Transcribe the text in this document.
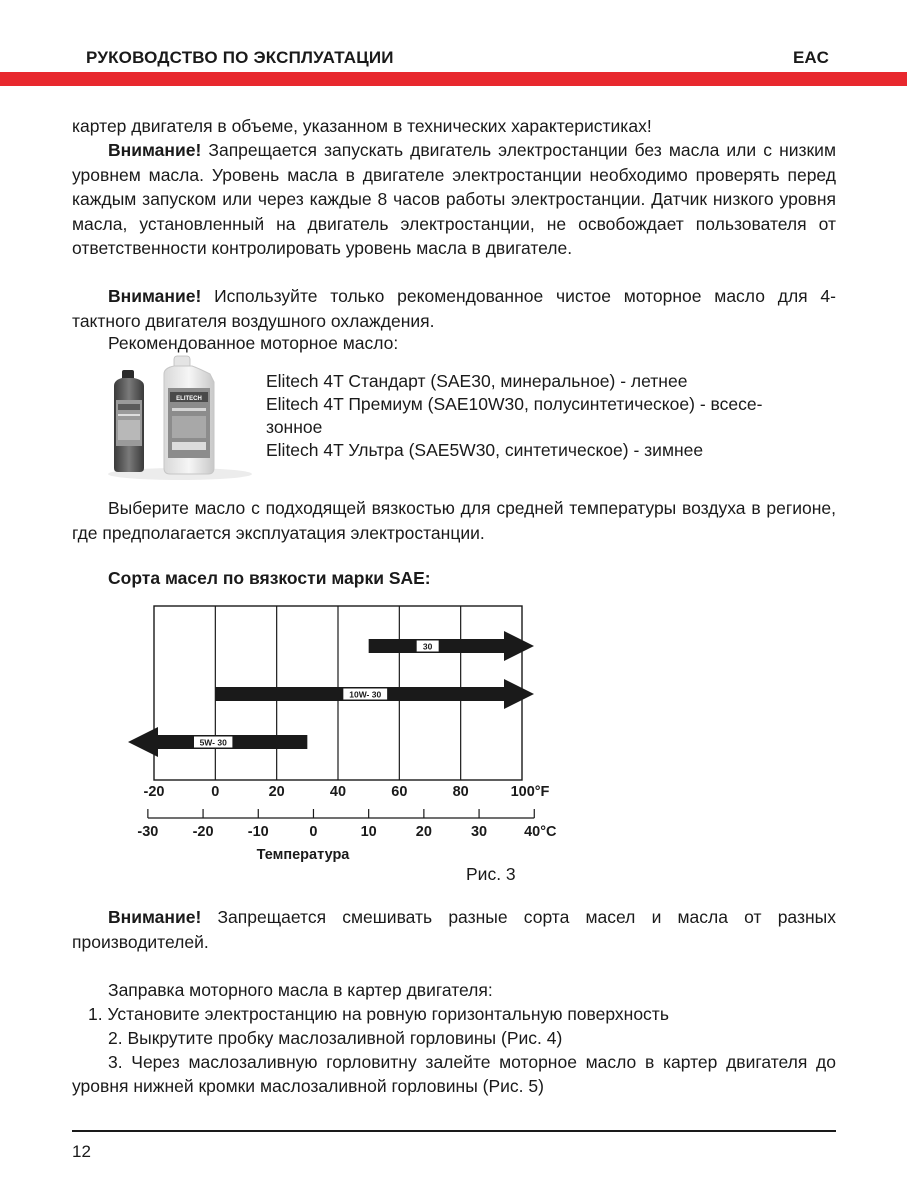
РУКОВОДСТВО ПО ЭКСПЛУАТАЦИИ	EAC

картер двигателя в объеме, указанном в технических характеристиках!

Внимание! Запрещается запускать двигатель электростанции без масла или с низким уровнем масла. Уровень масла в двигателе электростанции необходимо проверять перед каждым запуском или через каждые 8 часов работы электростанции. Датчик низкого уровня масла, установленный на двигатель электростанции, не освобождает пользователя от ответственности контролировать уровень масла в двигателе.

Внимание! Используйте только рекомендованное чистое моторное масло для 4-тактного двигателя воздушного охлаждения.

Рекомендованное моторное масло:

ELITECH
Elitech 4T Стандарт (SAE30, минеральное) - летнее
Elitech 4T Премиум (SAE10W30, полусинтетическое) - всесе-
зонное
Elitech 4T Ультра (SAE5W30, синтетическое) - зимнее

Выберите масло с подходящей вязкостью для средней температуры воздуха в регионе, где предполагается эксплуатация электростанции.

Сорта масел по вязкости марки SAE:
30
10W- 30
5W- 30
-20	0	20	40	60	80	100°F
-30 -20 -10	0	10	20	30	40°C
Температура
Рис. 3

Внимание! Запрещается смешивать разные сорта масел и масла от разных производителей.

Заправка моторного масла в картер двигателя:

1. Установите электростанцию на ровную горизонтальную поверхность

2. Выкрутите пробку маслозаливной горловины (Рис. 4)

3. Через маслозаливную горловитну залейте моторное масло в картер двигателя до уровня нижней кромки маслозаливной горловины (Рис. 5)

12
